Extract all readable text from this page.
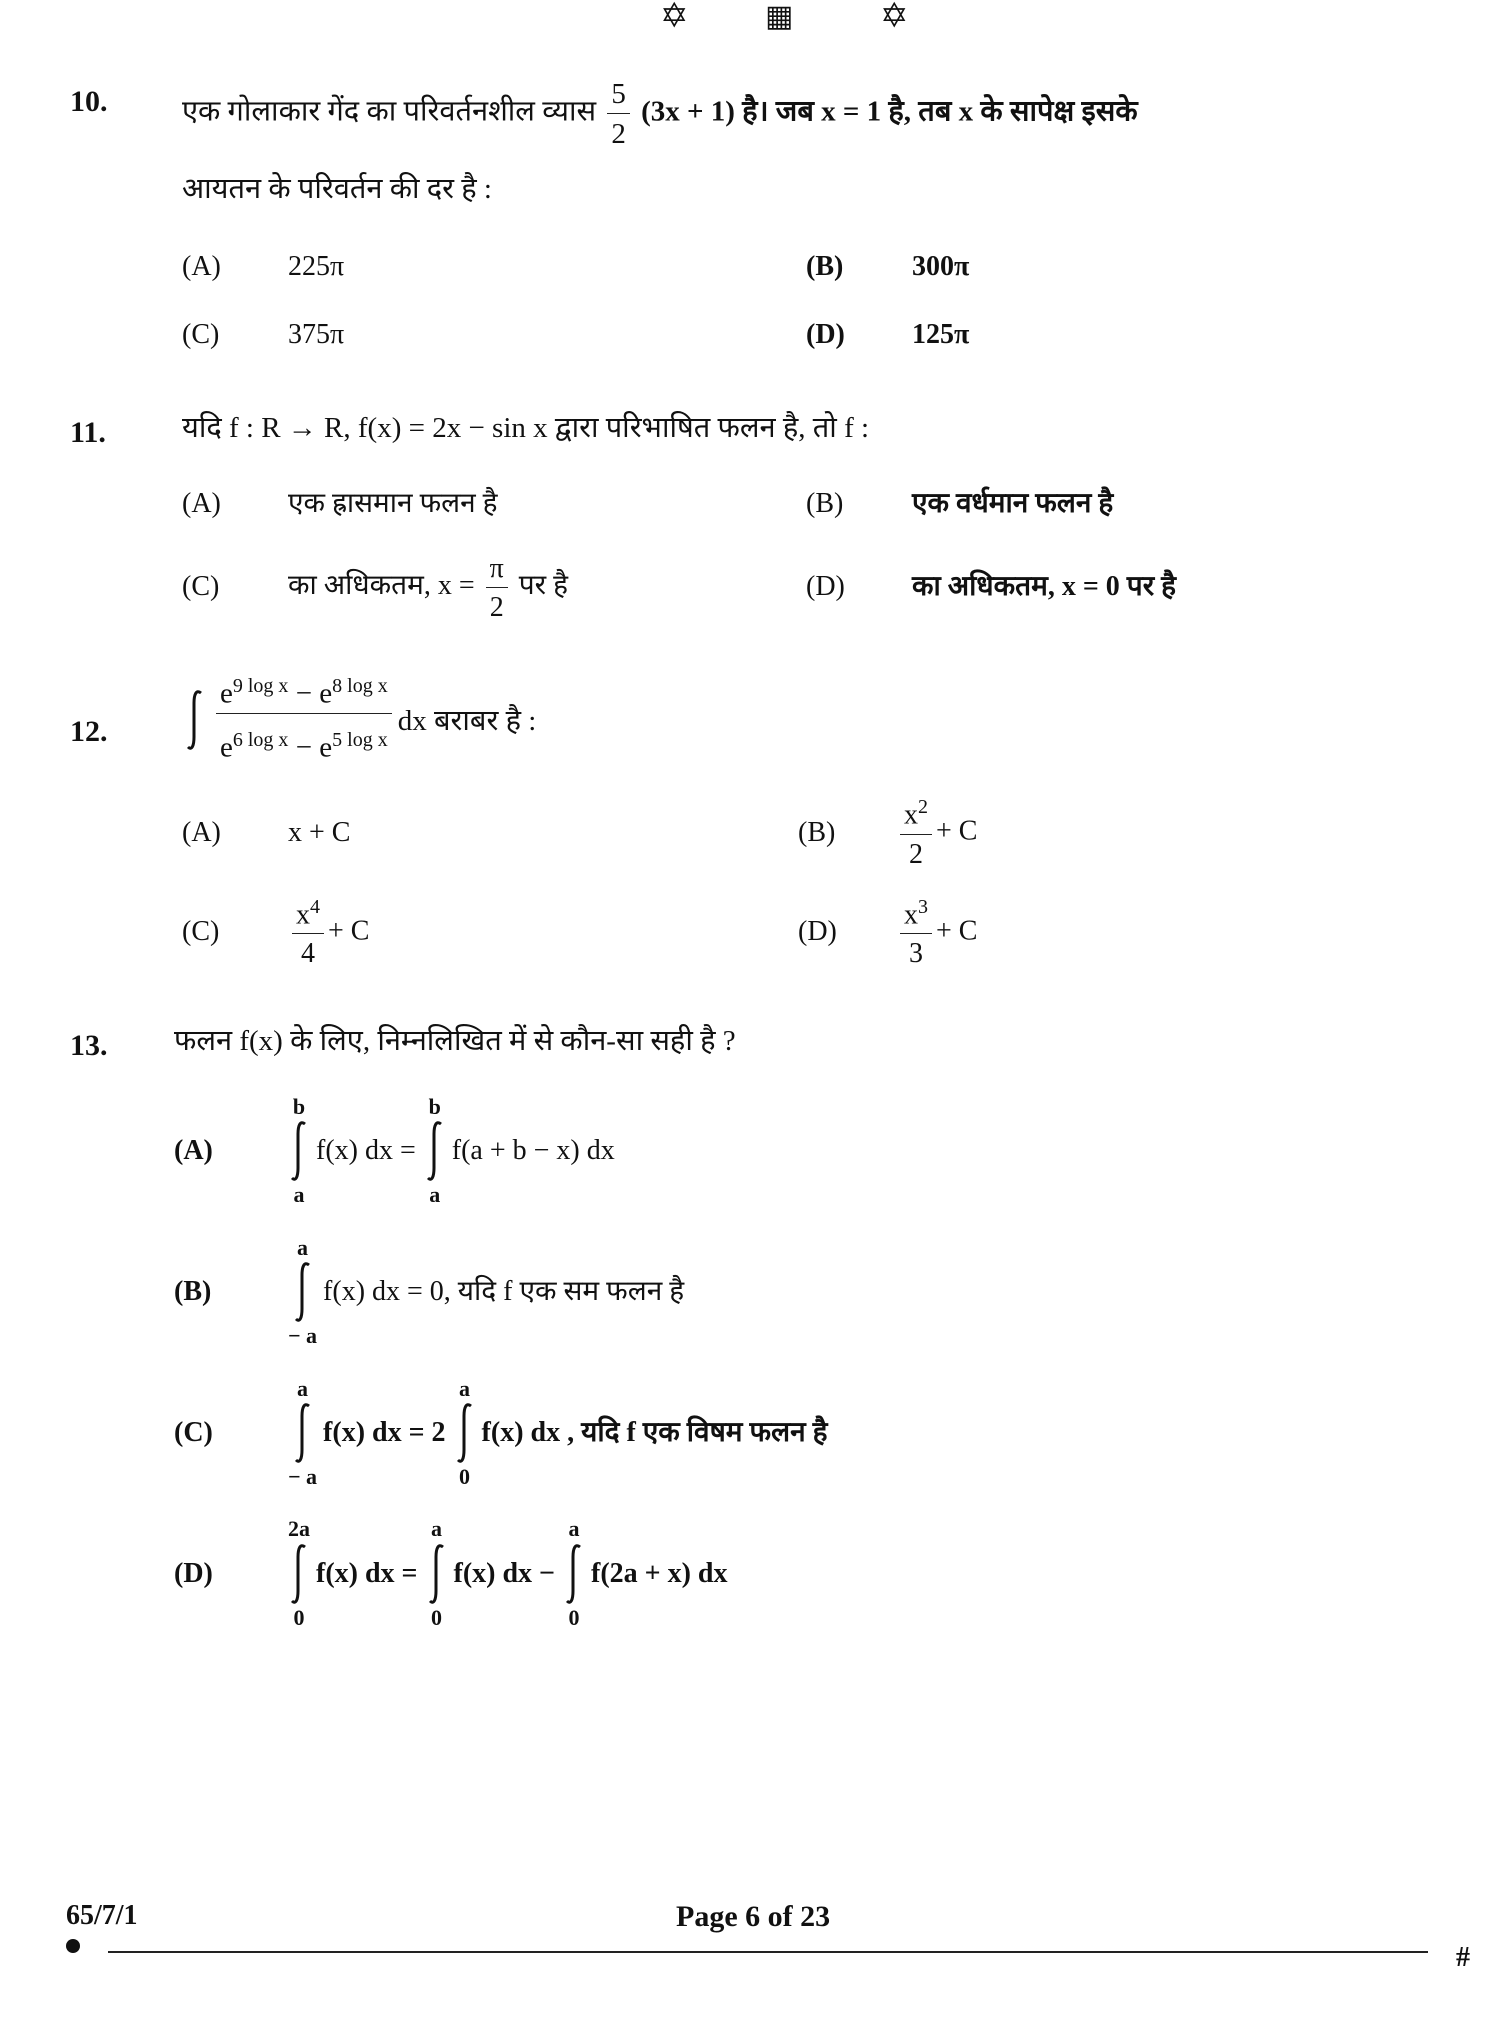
✡	▦	✡
10.	एक गोलाकार गेंद का परिवर्तनशील व्यास $\frac{5}{2} (3x + 1)$ है। जब x = 1 है, तब x के सापेक्ष इसके
आयतन के परिवर्तन की दर है :
(A)	225π	(B)	300π
(C)	375π	(D)	125π
11.	यदि f : R → R, f(x) = 2x − sin x द्वारा परिभाषित फलन है, तो f :
(A)	एक ह्रासमान फलन है	(B)	एक वर्धमान फलन है
(C)	का अधिकतम, $x = \frac{\pi}{2}$ पर है	(D)	का अधिकतम, x = 0 पर है
12.	$\frac{e^{9 log x} - e^{8 log x}}{e^{6 log x} - e^{5 log x}}$ dx बराबर है :
(A)	x + C	(B)	$\frac{x^2}{2} + C$
(C)	$\frac{x^4}{4} + C$	(D)	$\frac{x^3}{3} + C$
13. फलन f(x) के लिए, निम्नलिखित में से कौन-सा सही है ?
(A)
b
a
f(x) dx =
b
a
f(a + b − x) dx
(B)
a
− a
f(x) dx = 0, यदि f एक सम फलन है
(C)
a
− a
f(x) dx = 2
a
0
f(x) dx , यदि f एक विषम फलन है
(D)
2a
0
f(x) dx =
a
0
f(x) dx −
a
0
f(2a + x) dx
65/7/1	Page 6 of 23
#
